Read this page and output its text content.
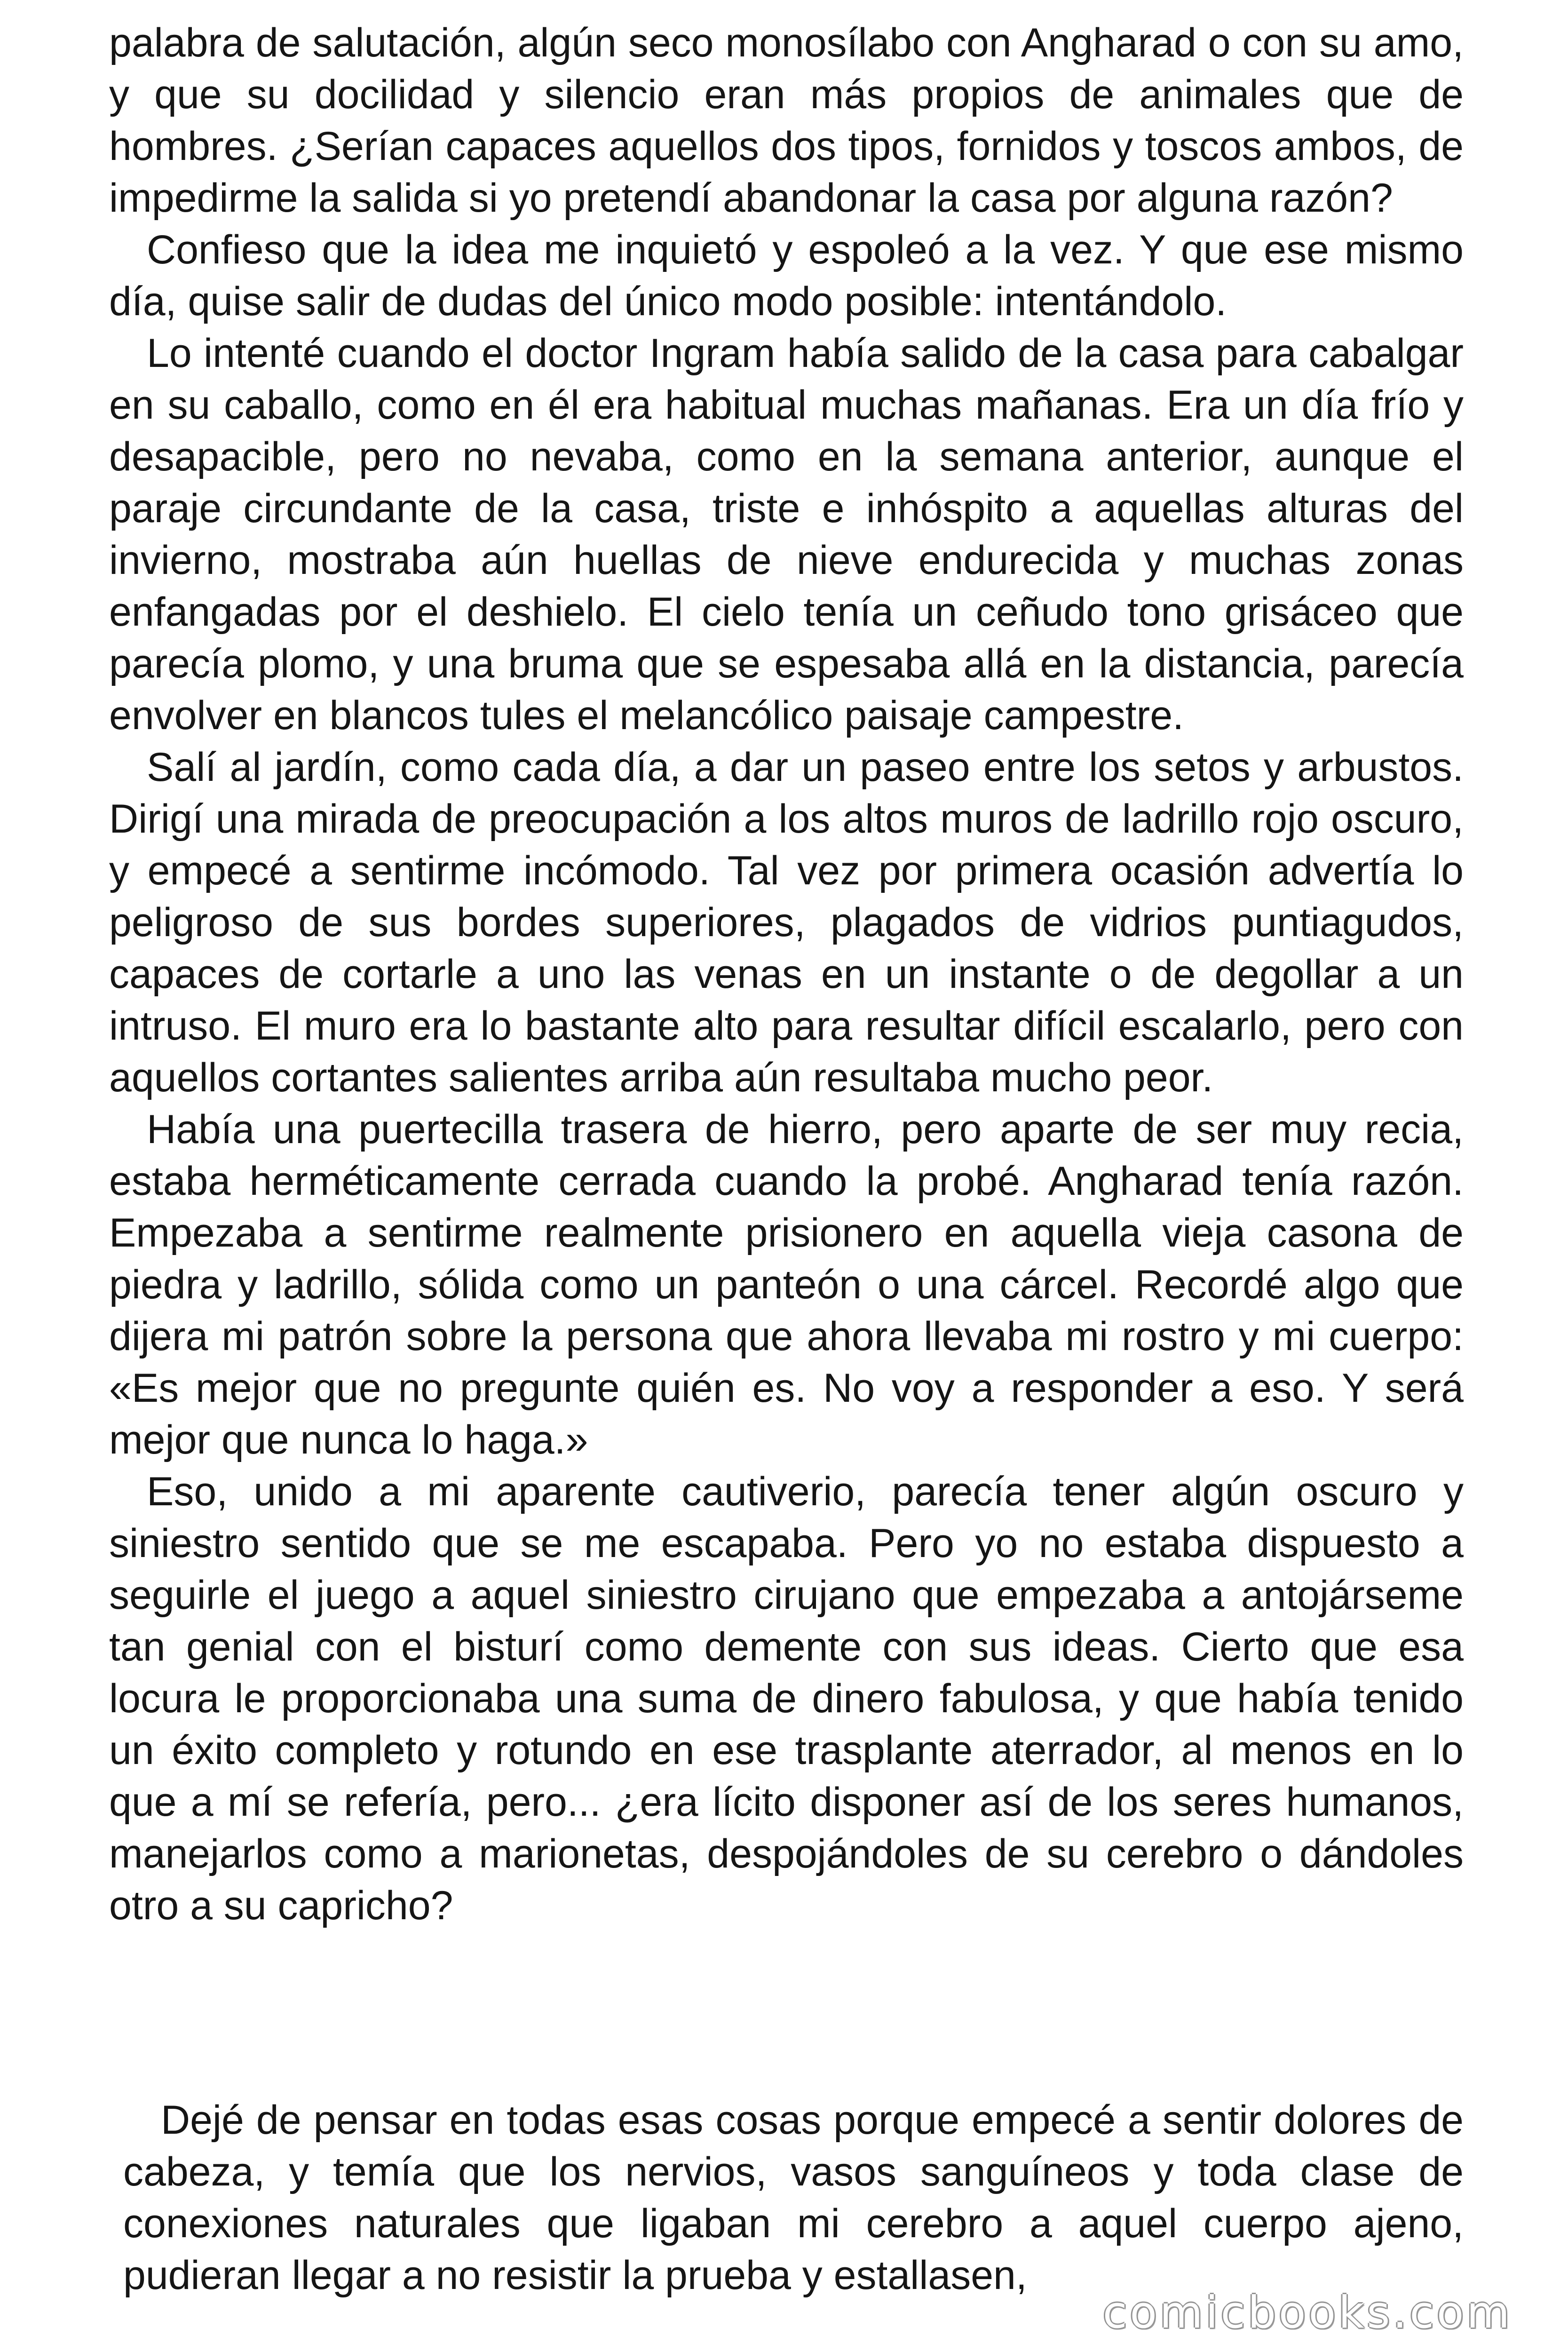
palabra de salutación, algún seco monosílabo con Angharad o con su amo, y que su docilidad y silencio eran más propios de animales que de hombres. ¿Serían capaces aquellos dos tipos, fornidos y toscos ambos, de impedirme la salida si yo pretendí abandonar la casa por alguna razón?

Confieso que la idea me inquietó y espoleó a la vez. Y que ese mismo día, quise salir de dudas del único modo posible: intentándolo.

Lo intenté cuando el doctor Ingram había salido de la casa para cabalgar en su caballo, como en él era habitual muchas mañanas. Era un día frío y desapacible, pero no nevaba, como en la semana anterior, aunque el paraje circundante de la casa, triste e inhóspito a aquellas alturas del invierno, mostraba aún huellas de nieve endurecida y muchas zonas enfangadas por el deshielo. El cielo tenía un ceñudo tono grisáceo que parecía plomo, y una bruma que se espesaba allá en la distancia, parecía envolver en blancos tules el melancólico paisaje campestre.

Salí al jardín, como cada día, a dar un paseo entre los setos y arbustos. Dirigí una mirada de preocupación a los altos muros de ladrillo rojo oscuro, y empecé a sentirme incómodo. Tal vez por primera ocasión advertía lo peligroso de sus bordes superiores, plagados de vidrios puntiagudos, capaces de cortarle a uno las venas en un instante o de degollar a un intruso. El muro era lo bastante alto para resultar difícil escalarlo, pero con aquellos cortantes salientes arriba aún resultaba mucho peor.

Había una puertecilla trasera de hierro, pero aparte de ser muy recia, estaba herméticamente cerrada cuando la probé. Angharad tenía razón. Empezaba a sentirme realmente prisionero en aquella vieja casona de piedra y ladrillo, sólida como un panteón o una cárcel. Recordé algo que dijera mi patrón sobre la persona que ahora llevaba mi rostro y mi cuerpo: «Es mejor que no pregunte quién es. No voy a responder a eso. Y será mejor que nunca lo haga.»

Eso, unido a mi aparente cautiverio, parecía tener algún oscuro y siniestro sentido que se me escapaba. Pero yo no estaba dispuesto a seguirle el juego a aquel siniestro cirujano que empezaba a antojárseme tan genial con el bisturí como demente con sus ideas. Cierto que esa locura le proporcionaba una suma de dinero fabulosa, y que había tenido un éxito completo y rotundo en ese trasplante aterrador, al menos en lo que a mí se refería, pero... ¿era lícito disponer así de los seres humanos, manejarlos como a marionetas, despojándoles de su cerebro o dándoles otro a su capricho?

Dejé de pensar en todas esas cosas porque empecé a sentir dolores de cabeza, y temía que los nervios, vasos sanguíneos y toda clase de conexiones naturales que ligaban mi cerebro a aquel cuerpo ajeno, pudieran llegar a no resistir la prueba y estallasen,

comicbooks.com
